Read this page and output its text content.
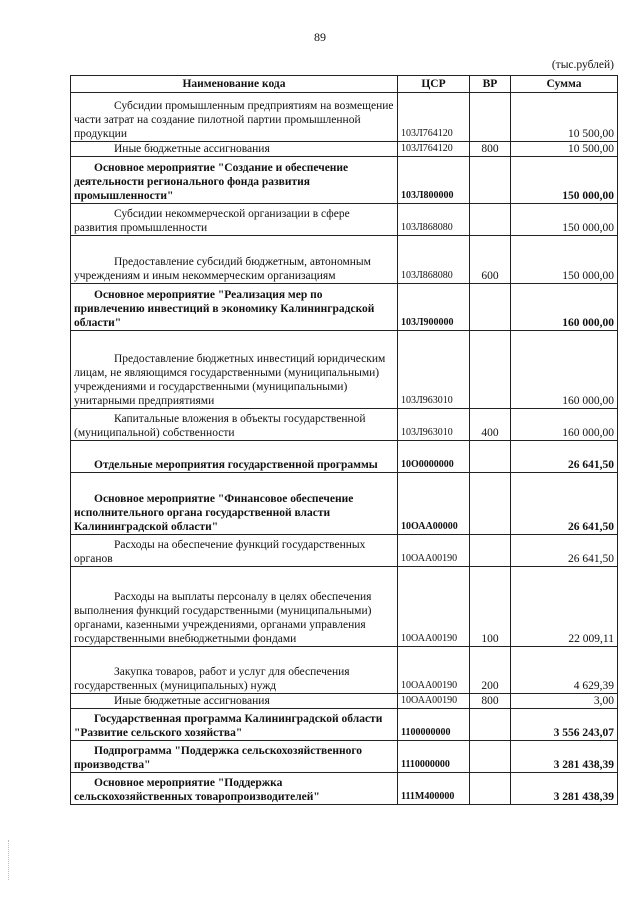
89
(тыс.рублей)
Наименование кода	ЦСР	ВР	Сумма
Субсидии промышленным предприятиям на возмещение части затрат на создание пилотной партии промышленной продукции	103Л764120		10 500,00
Иные бюджетные ассигнования	103Л764120	800	10 500,00
Основное мероприятие "Создание и обеспечение деятельности регионального фонда развития промышленности"	103Л800000		150 000,00
Субсидии некоммерческой организации в сфере развития промышленности	103Л868080		150 000,00
Предоставление субсидий бюджетным, автономным учреждениям и иным некоммерческим организациям	103Л868080	600	150 000,00
Основное мероприятие "Реализация мер по привлечению инвестиций в экономику Калининградской области"	103Л900000		160 000,00
Предоставление бюджетных инвестиций юридическим лицам, не являющимся государственными (муниципальными) учреждениями и государственными (муниципальными) унитарными предприятиями	103Л963010		160 000,00
Капитальные вложения в объекты государственной (муниципальной) собственности	103Л963010	400	160 000,00
Отдельные мероприятия государственной программы	10О0000000		26 641,50
Основное мероприятие "Финансовое обеспечение исполнительного органа государственной власти Калининградской области"	10ОАА00000		26 641,50
Расходы на обеспечение функций государственных органов	10ОАА00190		26 641,50
Расходы на выплаты персоналу в целях обеспечения выполнения функций государственными (муниципальными) органами, казенными учреждениями, органами управления государственными внебюджетными фондами	10ОАА00190	100	22 009,11
Закупка товаров, работ и услуг для обеспечения государственных (муниципальных) нужд	10ОАА00190	200	4 629,39
Иные бюджетные ассигнования	10ОАА00190	800	3,00
Государственная программа Калининградской области "Развитие сельского хозяйства"	1100000000		3 556 243,07
Подпрограмма "Поддержка сельскохозяйственного производства"	1110000000		3 281 438,39
Основное мероприятие "Поддержка сельскохозяйственных товаропроизводителей"	111М400000		3 281 438,39
